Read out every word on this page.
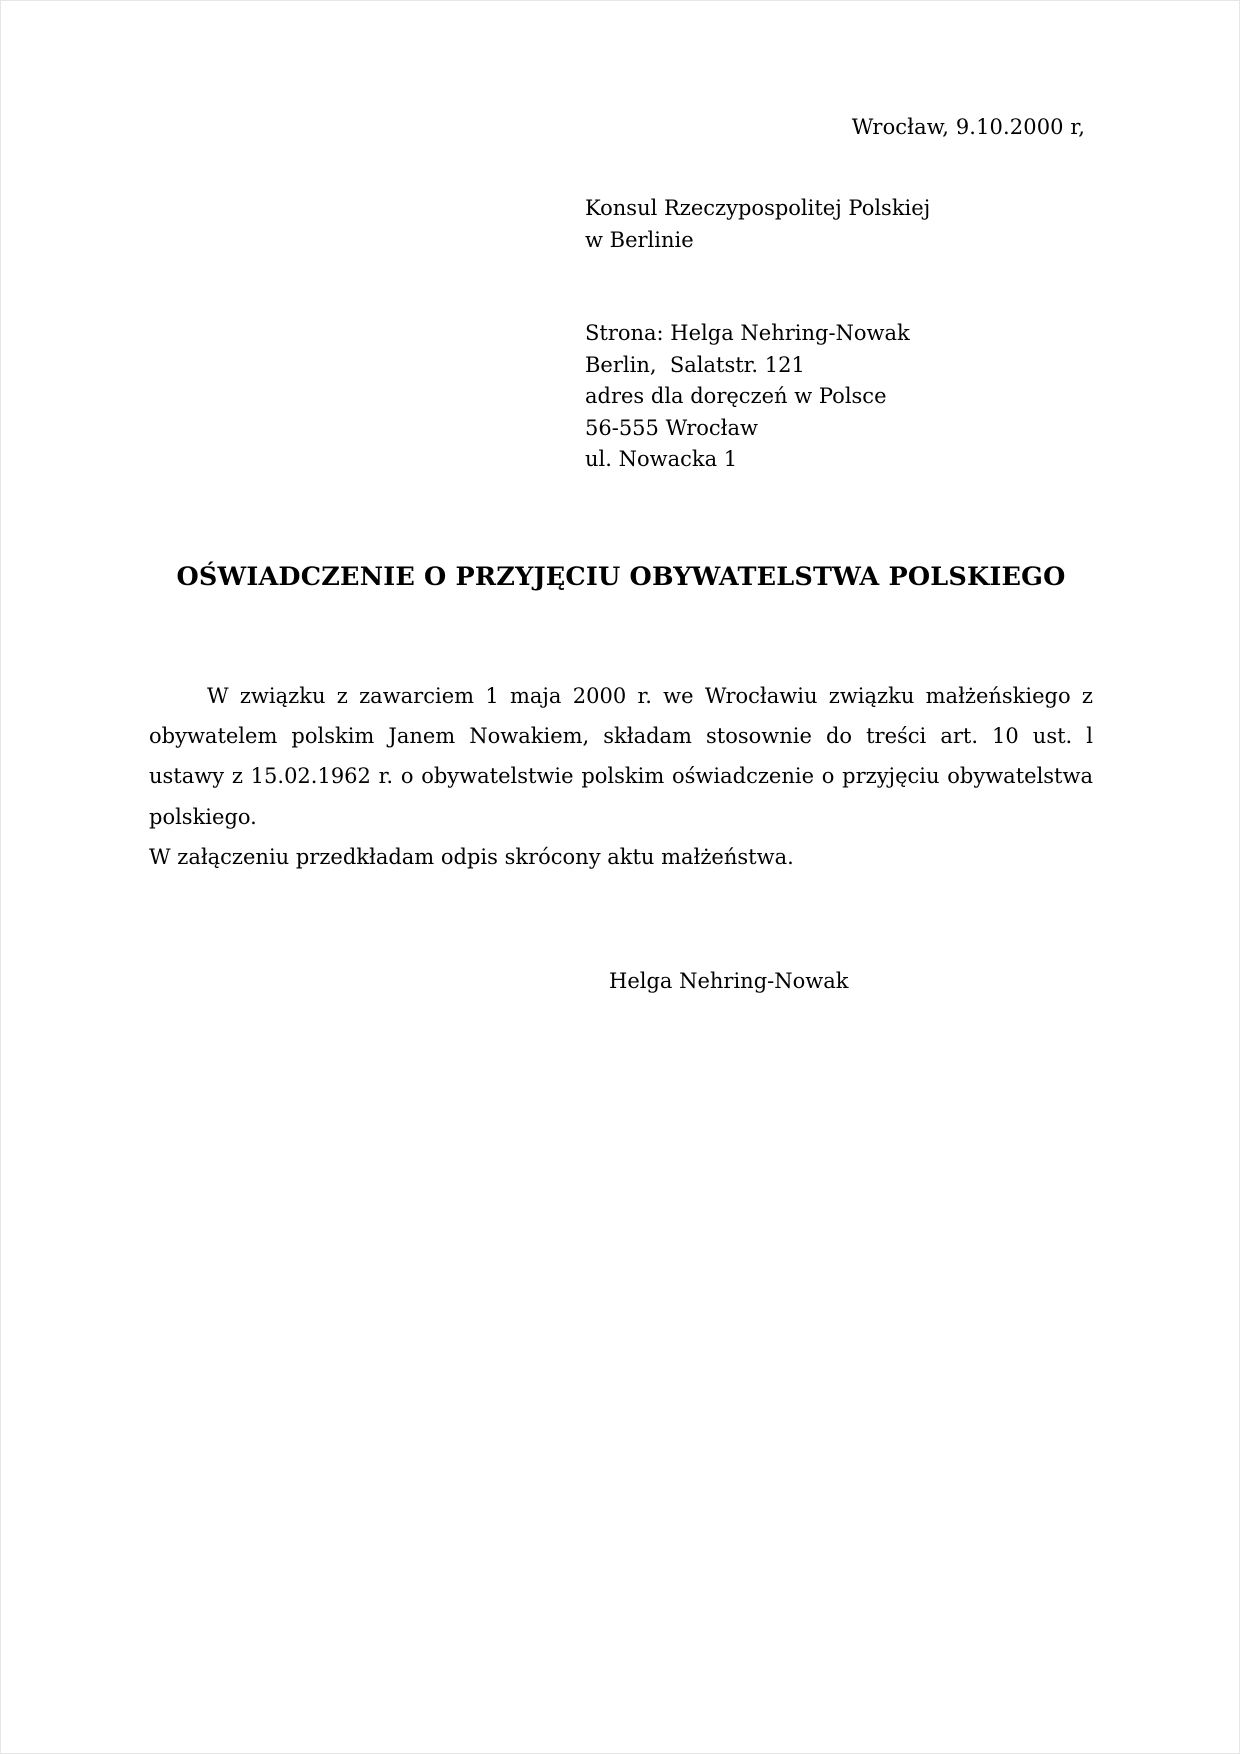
Wrocław, 9.10.2000 r,
Konsul Rzeczypospolitej Polskiej
w Berlinie
Strona: Helga Nehring-Nowak
Berlin,  Salatstr. 121
adres dla doręczeń w Polsce
56-555 Wrocław
ul. Nowacka 1
OŚWIADCZENIE O PRZYJĘCIU OBYWATELSTWA POLSKIEGO

W związku z zawarciem 1 maja 2000 r. we Wrocławiu związku małżeńskiego z obywatelem polskim Janem Nowakiem, składam stosownie do treści art. 10 ust. l ustawy z 15.02.1962 r. o obywatelstwie polskim oświadczenie o przyjęciu obywatelstwa polskiego.

W załączeniu przedkładam odpis skrócony aktu małżeństwa.

Helga Nehring-Nowak
